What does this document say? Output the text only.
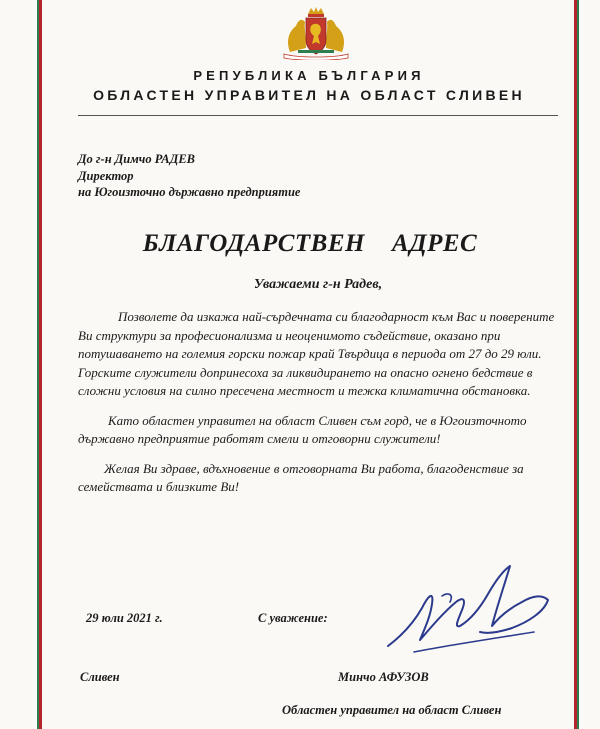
РЕПУБЛИКА БЪЛГАРИЯ
ОБЛАСТЕН УПРАВИТЕЛ НА ОБЛАСТ СЛИВЕН
До г-н Димчо РАДЕВ
Директор
на Югоизточно държавно предприятие
БЛАГОДАРСТВЕН    АДРЕС
Уважаеми г-н Радев,

Позволете да изкажа най-сърдечната си благодарност към Вас и поверените Ви структури за професионализма и неоценимото съдействие, оказано при потушаването на големия горски пожар край Твърдица в периода от 27 до 29 юли. Горските служители допринесоха за ликвидирането на опасно огнено бедствие в сложни условия на силно пресечена местност и тежка климатична обстановка.

Като областен управител на област Сливен съм горд, че в Югоизточното държавно предприятие работят смели и отговорни служители!

Желая Ви здраве, вдъхновение в отговорната Ви работа, благоденствие за семействата и близките Ви!

29 юли 2021 г.	С уважение:
Сливен	Минчо АФУЗОВ
Областен управител на област Сливен
